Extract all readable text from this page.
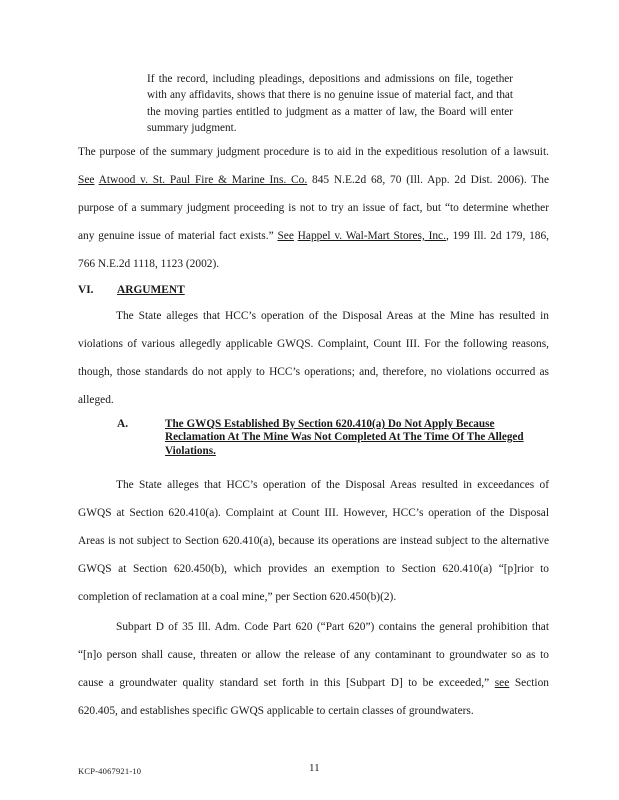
If the record, including pleadings, depositions and admissions on file, together with any affidavits, shows that there is no genuine issue of material fact, and that the moving parties entitled to judgment as a matter of law, the Board will enter summary judgment.

The purpose of the summary judgment procedure is to aid in the expeditious resolution of a lawsuit. See Atwood v. St. Paul Fire & Marine Ins. Co. 845 N.E.2d 68, 70 (Ill. App. 2d Dist. 2006). The purpose of a summary judgment proceeding is not to try an issue of fact, but “to determine whether any genuine issue of material fact exists.” See Happel v. Wal-Mart Stores, Inc., 199 Ill. 2d 179, 186, 766 N.E.2d 1118, 1123 (2002).

VI. ARGUMENT

The State alleges that HCC’s operation of the Disposal Areas at the Mine has resulted in violations of various allegedly applicable GWQS. Complaint, Count III. For the following reasons, though, those standards do not apply to HCC’s operations; and, therefore, no violations occurred as alleged.

A.	The GWQS Established By Section 620.410(a) Do Not Apply Because Reclamation At The Mine Was Not Completed At The Time Of The Alleged Violations.

The State alleges that HCC’s operation of the Disposal Areas resulted in exceedances of GWQS at Section 620.410(a). Complaint at Count III. However, HCC’s operation of the Disposal Areas is not subject to Section 620.410(a), because its operations are instead subject to the alternative GWQS at Section 620.450(b), which provides an exemption to Section 620.410(a) “[p]rior to completion of reclamation at a coal mine,” per Section 620.450(b)(2).

Subpart D of 35 Ill. Adm. Code Part 620 (“Part 620”) contains the general prohibition that “[n]o person shall cause, threaten or allow the release of any contaminant to groundwater so as to cause a groundwater quality standard set forth in this [Subpart D] to be exceeded,” see Section 620.405, and establishes specific GWQS applicable to certain classes of groundwaters.

KCP-4067921-10	11
